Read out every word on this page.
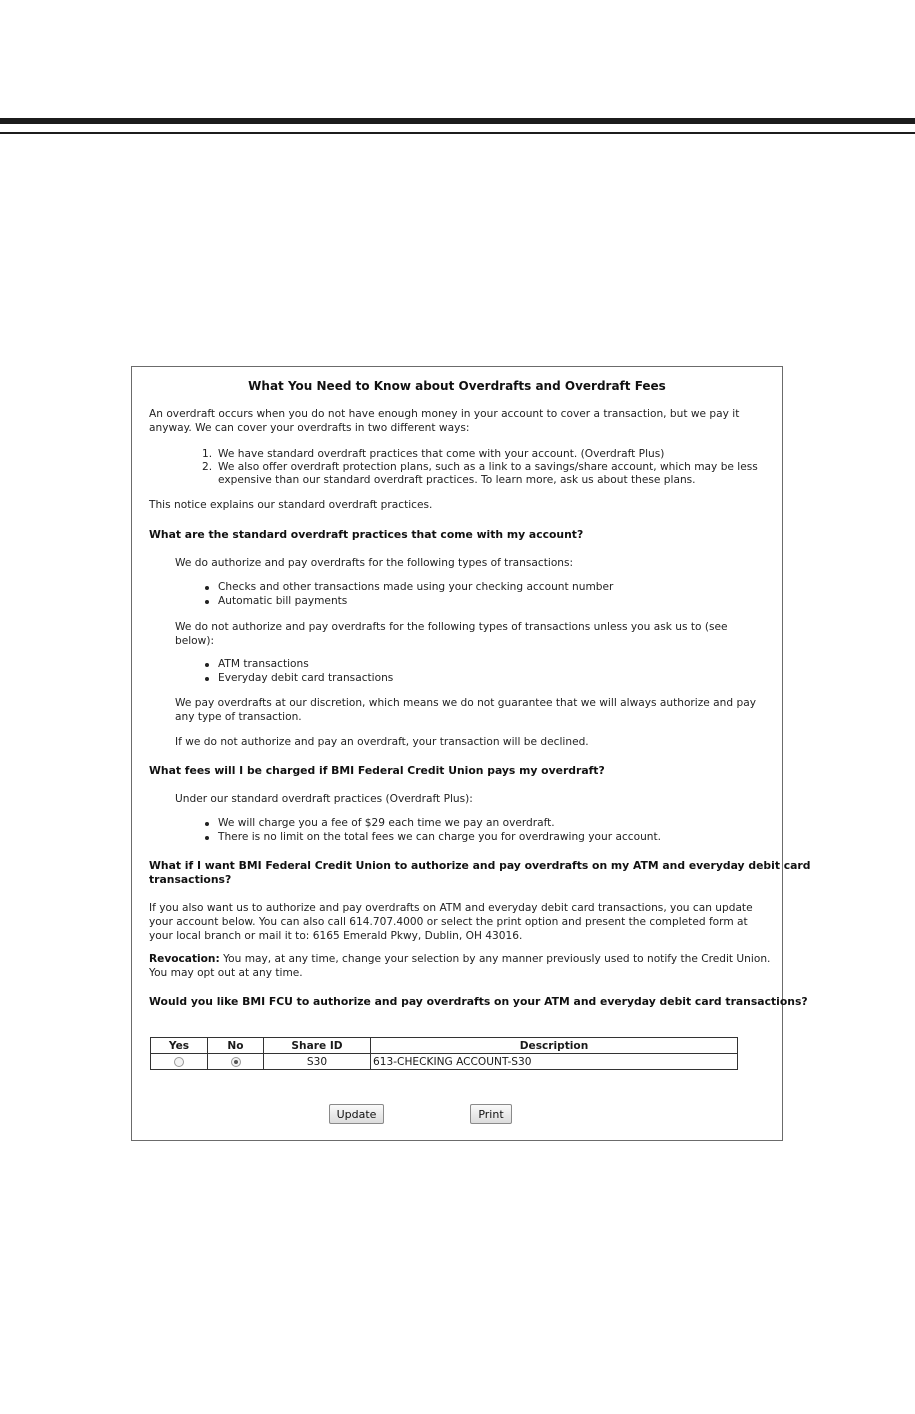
What You Need to Know about Overdrafts and Overdraft Fees
An overdraft occurs when you do not have enough money in your account to cover a transaction, but we pay it
anyway. We can cover your overdrafts in two different ways:
1. We have standard overdraft practices that come with your account. (Overdraft Plus)
2. We also offer overdraft protection plans, such as a link to a savings/share account, which may be less
expensive than our standard overdraft practices. To learn more, ask us about these plans.
This notice explains our standard overdraft practices.
What are the standard overdraft practices that come with my account?
We do authorize and pay overdrafts for the following types of transactions:
Checks and other transactions made using your checking account number
Automatic bill payments
We do not authorize and pay overdrafts for the following types of transactions unless you ask us to (see
below):
ATM transactions
Everyday debit card transactions
We pay overdrafts at our discretion, which means we do not guarantee that we will always authorize and pay
any type of transaction.
If we do not authorize and pay an overdraft, your transaction will be declined.
What fees will I be charged if BMI Federal Credit Union pays my overdraft?
Under our standard overdraft practices (Overdraft Plus):
We will charge you a fee of $29 each time we pay an overdraft.
There is no limit on the total fees we can charge you for overdrawing your account.
What if I want BMI Federal Credit Union to authorize and pay overdrafts on my ATM and everyday debit card
transactions?
If you also want us to authorize and pay overdrafts on ATM and everyday debit card transactions, you can update
your account below. You can also call 614.707.4000 or select the print option and present the completed form at
your local branch or mail it to: 6165 Emerald Pkwy, Dublin, OH 43016.
Revocation: You may, at any time, change your selection by any manner previously used to notify the Credit Union.
You may opt out at any time.
Would you like BMI FCU to authorize and pay overdrafts on your ATM and everyday debit card transactions?
Yes	No	Share ID	Description
		S30	613-CHECKING ACCOUNT-S30
Update	Print
